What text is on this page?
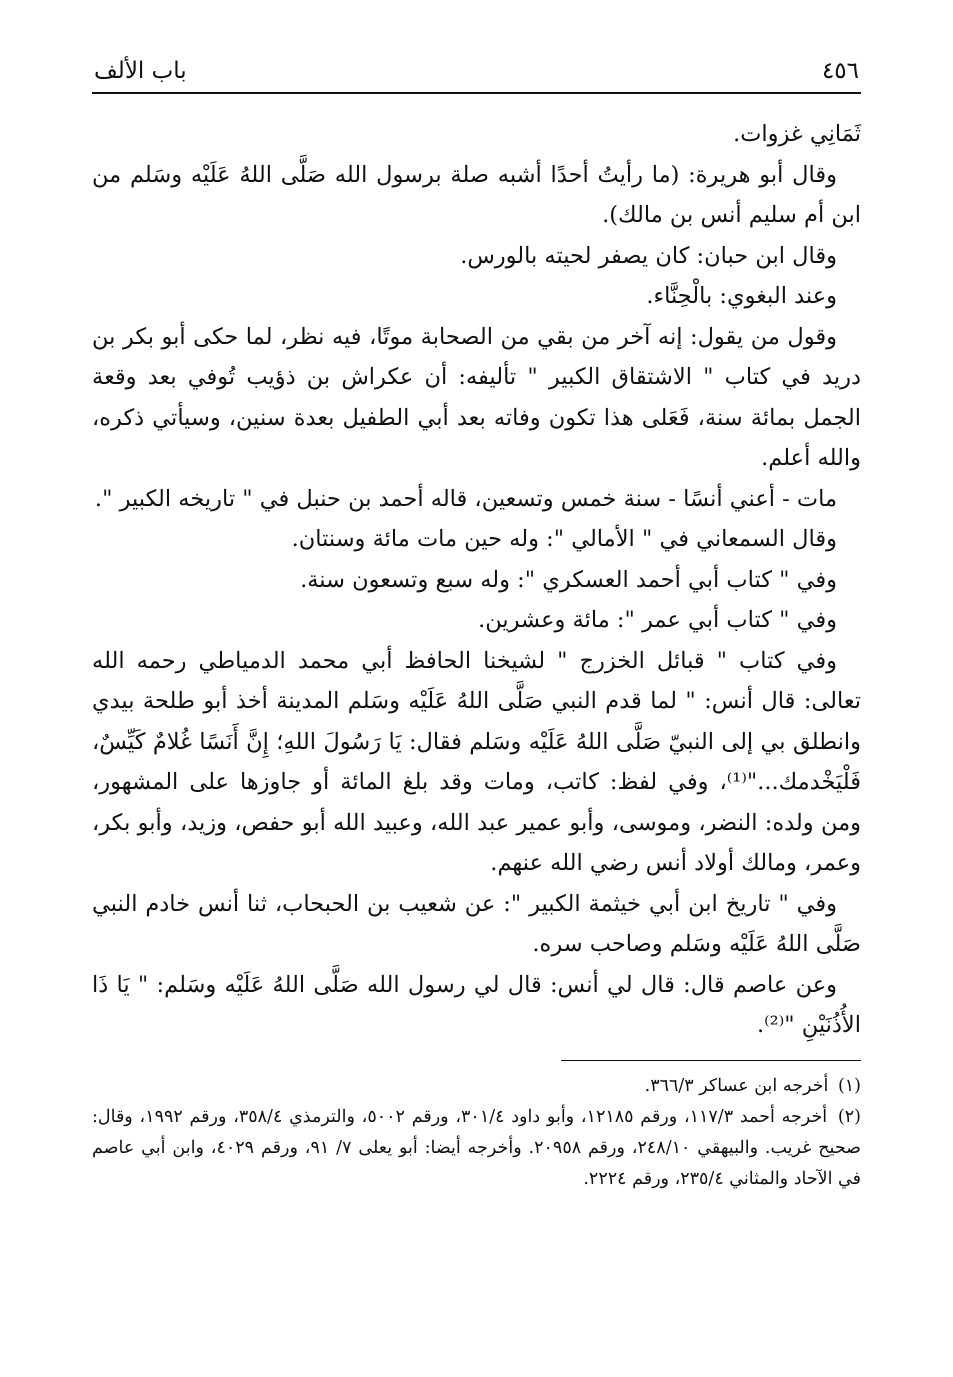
٤٥٦
باب الألف

ثَمَانِي غزوات.

وقال أبو هريرة: (ما رأيتُ أحدًا أشبه صلة برسول الله صَلَّى اللهُ عَلَيْه وسَلم من ابن أم سليم أنس بن مالك).

وقال ابن حبان: كان يصفر لحيته بالورس.

وعند البغوي: بالْحِنَّاء.

وقول من يقول: إنه آخر من بقي من الصحابة موتًا، فيه نظر، لما حكى أبو بكر بن دريد في كتاب " الاشتقاق الكبير " تأليفه: أن عكراش بن ذؤيب تُوفي بعد وقعة الجمل بمائة سنة، فَعَلى هذا تكون وفاته بعد أبي الطفيل بعدة سنين، وسيأتي ذكره، والله أعلم.

مات - أعني أنسًا - سنة خمس وتسعين، قاله أحمد بن حنبل في " تاريخه الكبير ".

وقال السمعاني في " الأمالي ": وله حين مات مائة وسنتان.

وفي " كتاب أبي أحمد العسكري ": وله سبع وتسعون سنة.

وفي " كتاب أبي عمر ": مائة وعشرين.

وفي كتاب " قبائل الخزرج " لشيخنا الحافظ أبي محمد الدمياطي رحمه الله تعالى: قال أنس: " لما قدم النبي صَلَّى اللهُ عَلَيْه وسَلم المدينة أخذ أبو طلحة بيدي وانطلق بي إلى النبيّ صَلَّى اللهُ عَلَيْه وسَلم فقال: يَا رَسُولَ اللهِ؛ إِنَّ أَنَسًا غُلامٌ كَيِّسٌ، فَلْيَخْدمك..."⁽¹⁾، وفي لفظ: كاتب، ومات وقد بلغ المائة أو جاوزها على المشهور، ومن ولده: النضر، وموسى، وأبو عمير عبد الله، وعبيد الله أبو حفص، وزيد، وأبو بكر، وعمر، ومالك أولاد أنس رضي الله عنهم.

وفي " تاريخ ابن أبي خيثمة الكبير ": عن شعيب بن الحبحاب، ثنا أنس خادم النبي صَلَّى اللهُ عَلَيْه وسَلم وصاحب سره.

وعن عاصم قال: قال لي أنس: قال لي رسول الله صَلَّى اللهُ عَلَيْه وسَلم: " يَا ذَا الأُذُنَيْنِ "⁽²⁾.

(١) أخرجه ابن عساكر ٣٦٦/٣.

(٢) أخرجه أحمد ١١٧/٣، ورقم ١٢١٨٥، وأبو داود ٣٠١/٤، ورقم ٥٠٠٢، والترمذي ٣٥٨/٤، ورقم ١٩٩٢، وقال: صحيح غريب. والبيهقي ٢٤٨/١٠، ورقم ٢٠٩٥٨. وأخرجه أيضا: أبو يعلى ٧/ ٩١، ورقم ٤٠٢٩، وابن أبي عاصم في الآحاد والمثاني ٢٣٥/٤، ورقم ٢٢٢٤.
